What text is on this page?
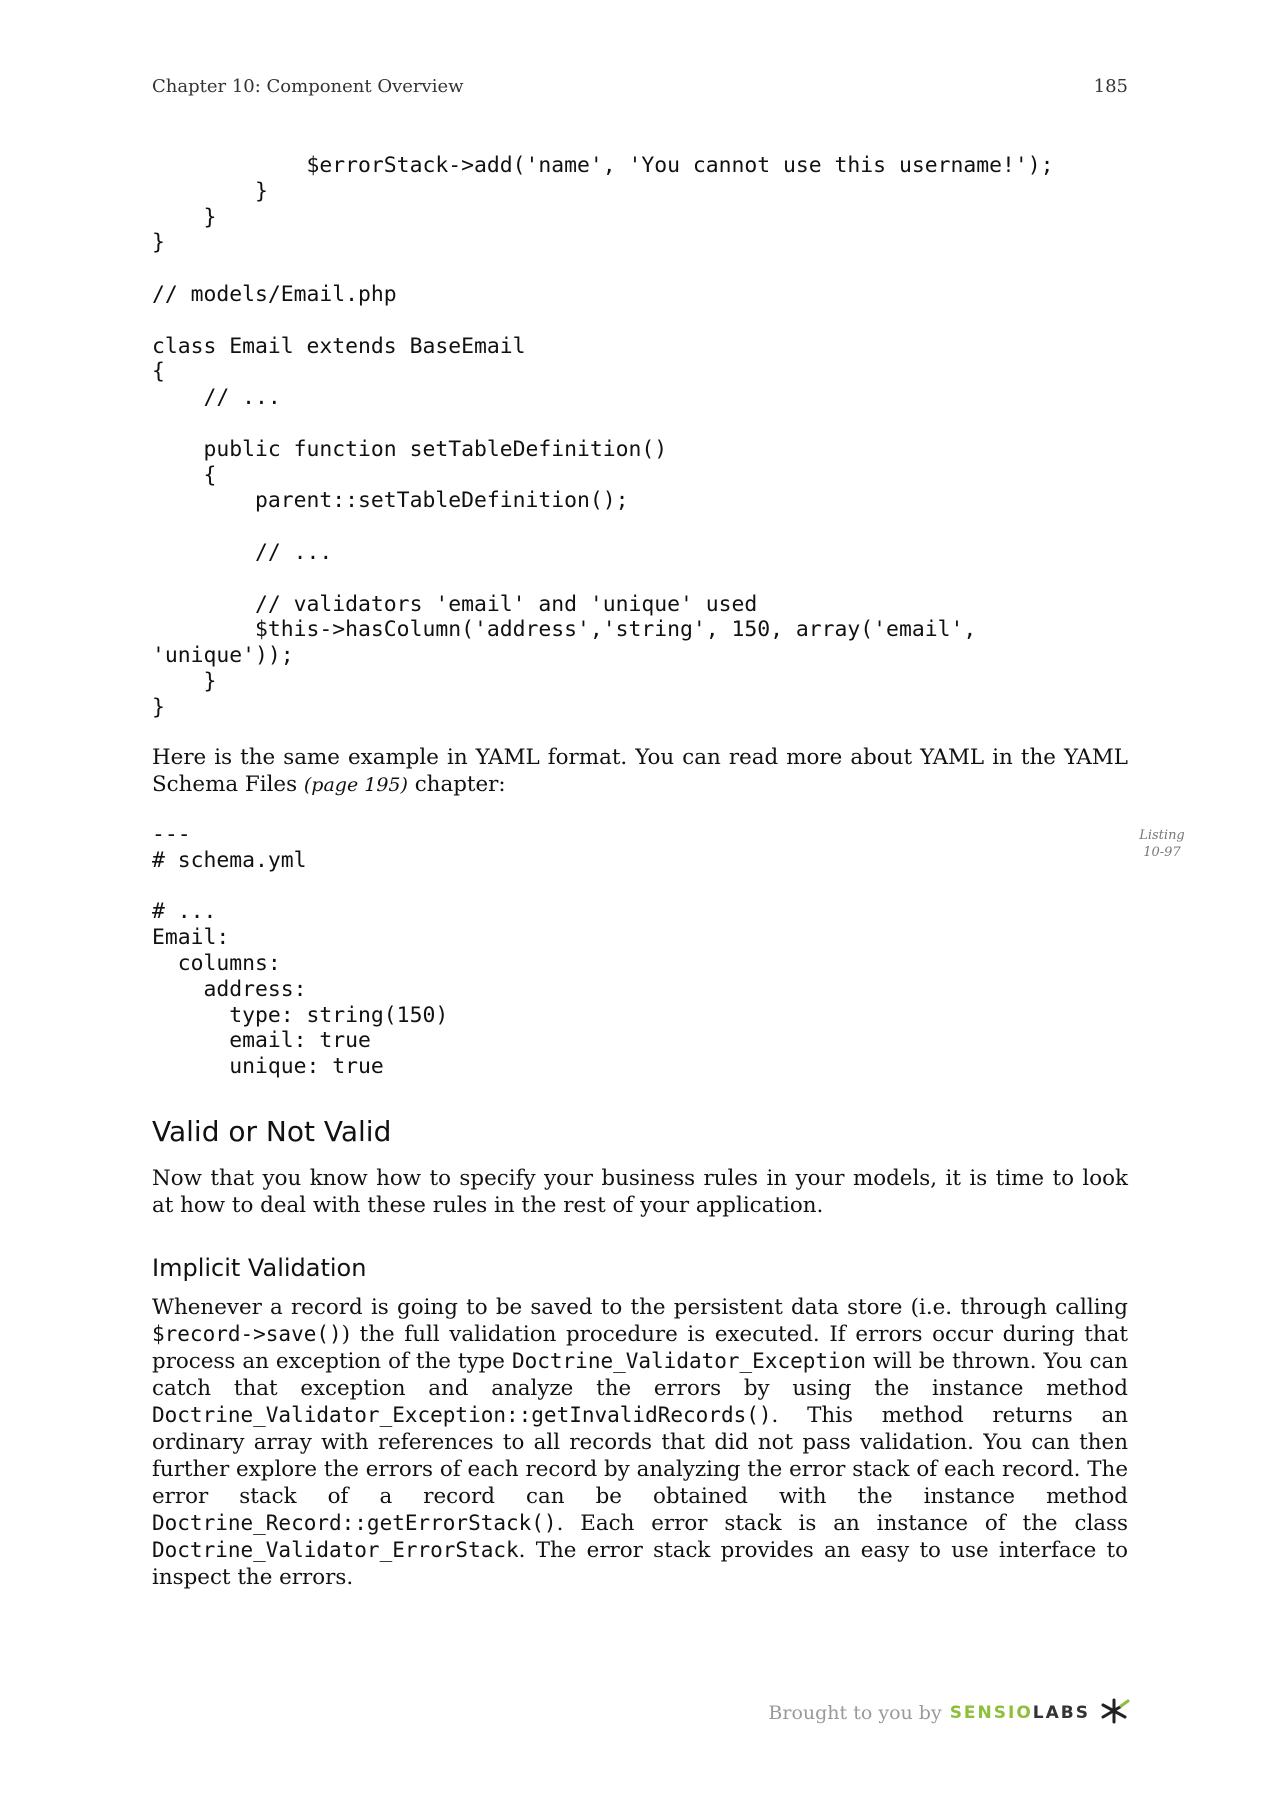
Chapter 10: Component Overview	185
$errorStack->add('name', 'You cannot use this username!');
}
}
}
// models/Email.php
class Email extends BaseEmail
{
// ...
public function setTableDefinition()
{
parent::setTableDefinition();
// ...
// validators 'email' and 'unique' used
$this->hasColumn('address','string', 150, array('email',
'unique'));
}
}

Here is the same example in YAML format. You can read more about YAML in the YAML Schema Files (page 195) chapter:

Listing
10-97
---
# schema.yml
# ...
Email:
columns:
address:
type: string(150)
email: true
unique: true
Valid or Not Valid

Now that you know how to specify your business rules in your models, it is time to look at how to deal with these rules in the rest of your application.

Implicit Validation

Whenever a record is going to be saved to the persistent data store (i.e. through calling $record->save()) the full validation procedure is executed. If errors occur during that process an exception of the type Doctrine_Validator_Exception will be thrown. You can catch that exception and analyze the errors by using the instance method Doctrine_Validator_Exception::getInvalidRecords(). This method returns an ordinary array with references to all records that did not pass validation. You can then further explore the errors of each record by analyzing the error stack of each record. The error stack of a record can be obtained with the instance method Doctrine_Record::getErrorStack(). Each error stack is an instance of the class Doctrine_Validator_ErrorStack. The error stack provides an easy to use interface to inspect the errors.

Brought to you by SENSIOLABS
